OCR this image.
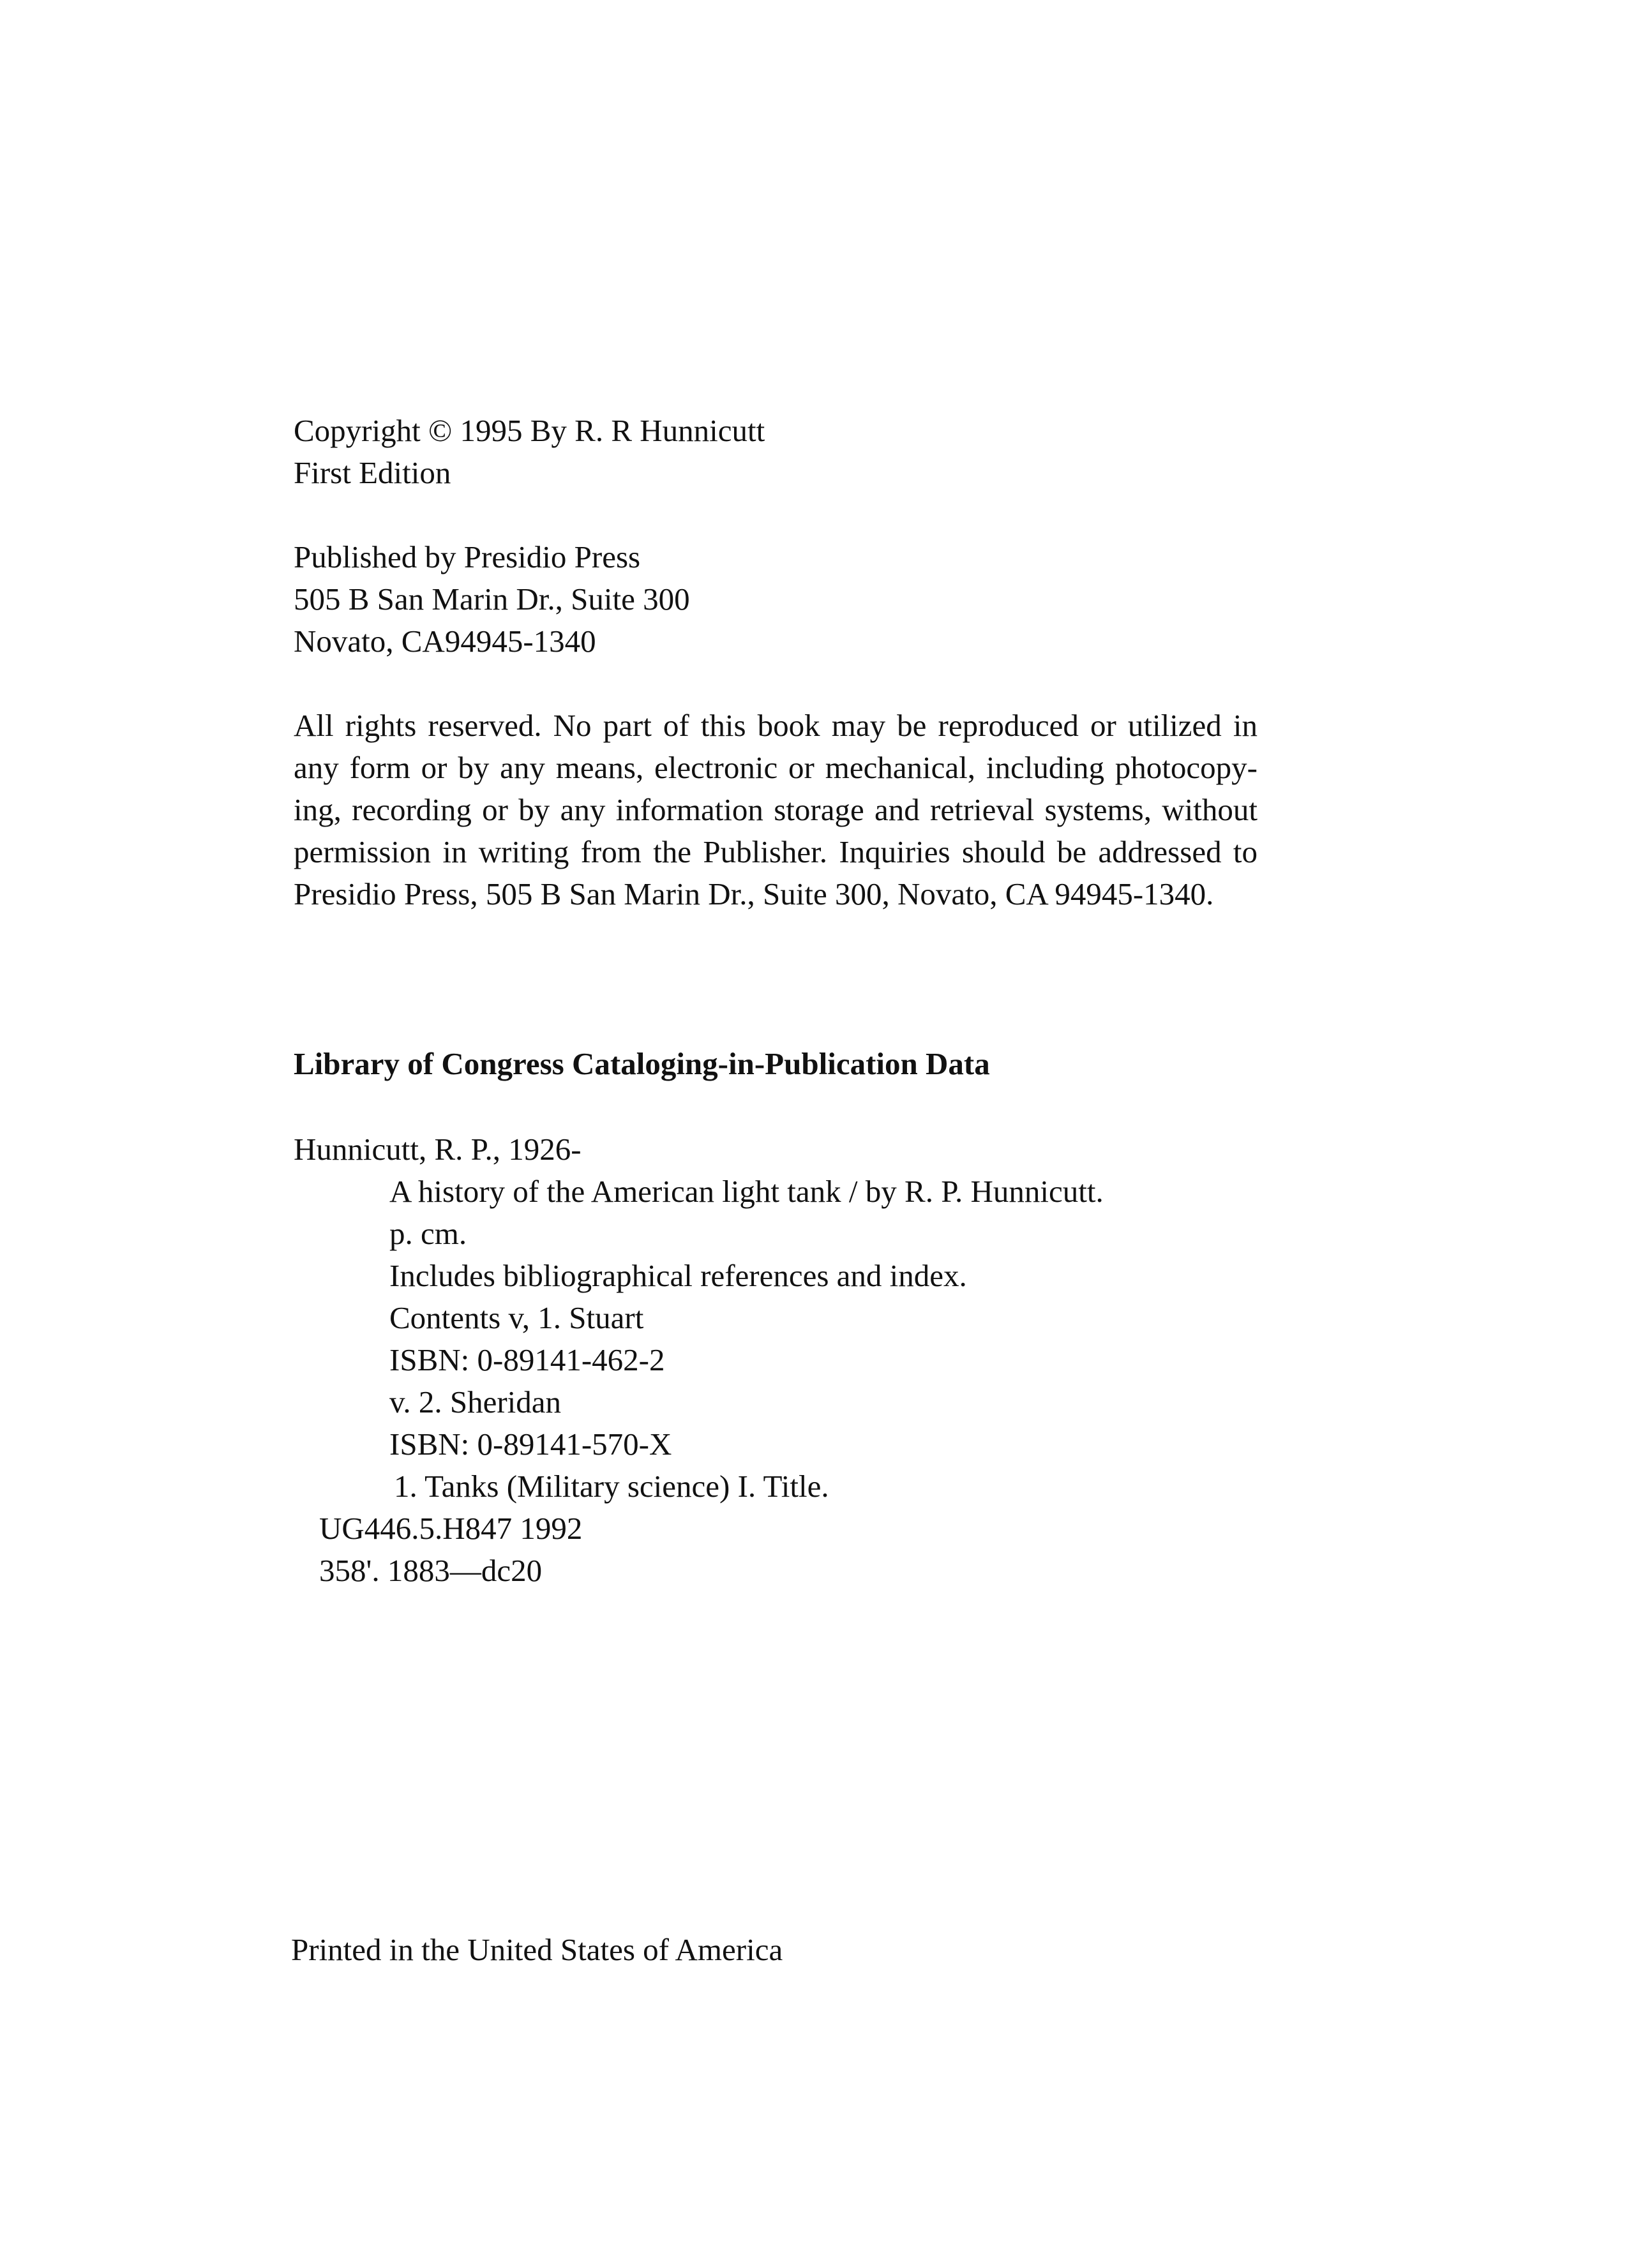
Copyright © 1995 By R. R Hunnicutt
First Edition
Published by Presidio Press
505 B San Marin Dr., Suite 300
Novato, CA94945-1340
All rights reserved. No part of this book may be reproduced or utilized in
any form or by any means, electronic or mechanical, including photocopy-
ing, recording or by any information storage and retrieval systems, without
permission in writing from the Publisher. Inquiries should be addressed to
Presidio Press, 505 B San Marin Dr., Suite 300, Novato, CA 94945-1340.
Library of Congress Cataloging-in-Publication Data
Hunnicutt, R. P., 1926-
A history of the American light tank / by R. P. Hunnicutt.
p. cm.
Includes bibliographical references and index.
Contents v, 1. Stuart
ISBN: 0-89141-462-2
v. 2. Sheridan
ISBN: 0-89141-570-X
1. Tanks (Military science) I. Title.
UG446.5.H847 1992
358'. 1883—dc20
Printed in the United States of America
